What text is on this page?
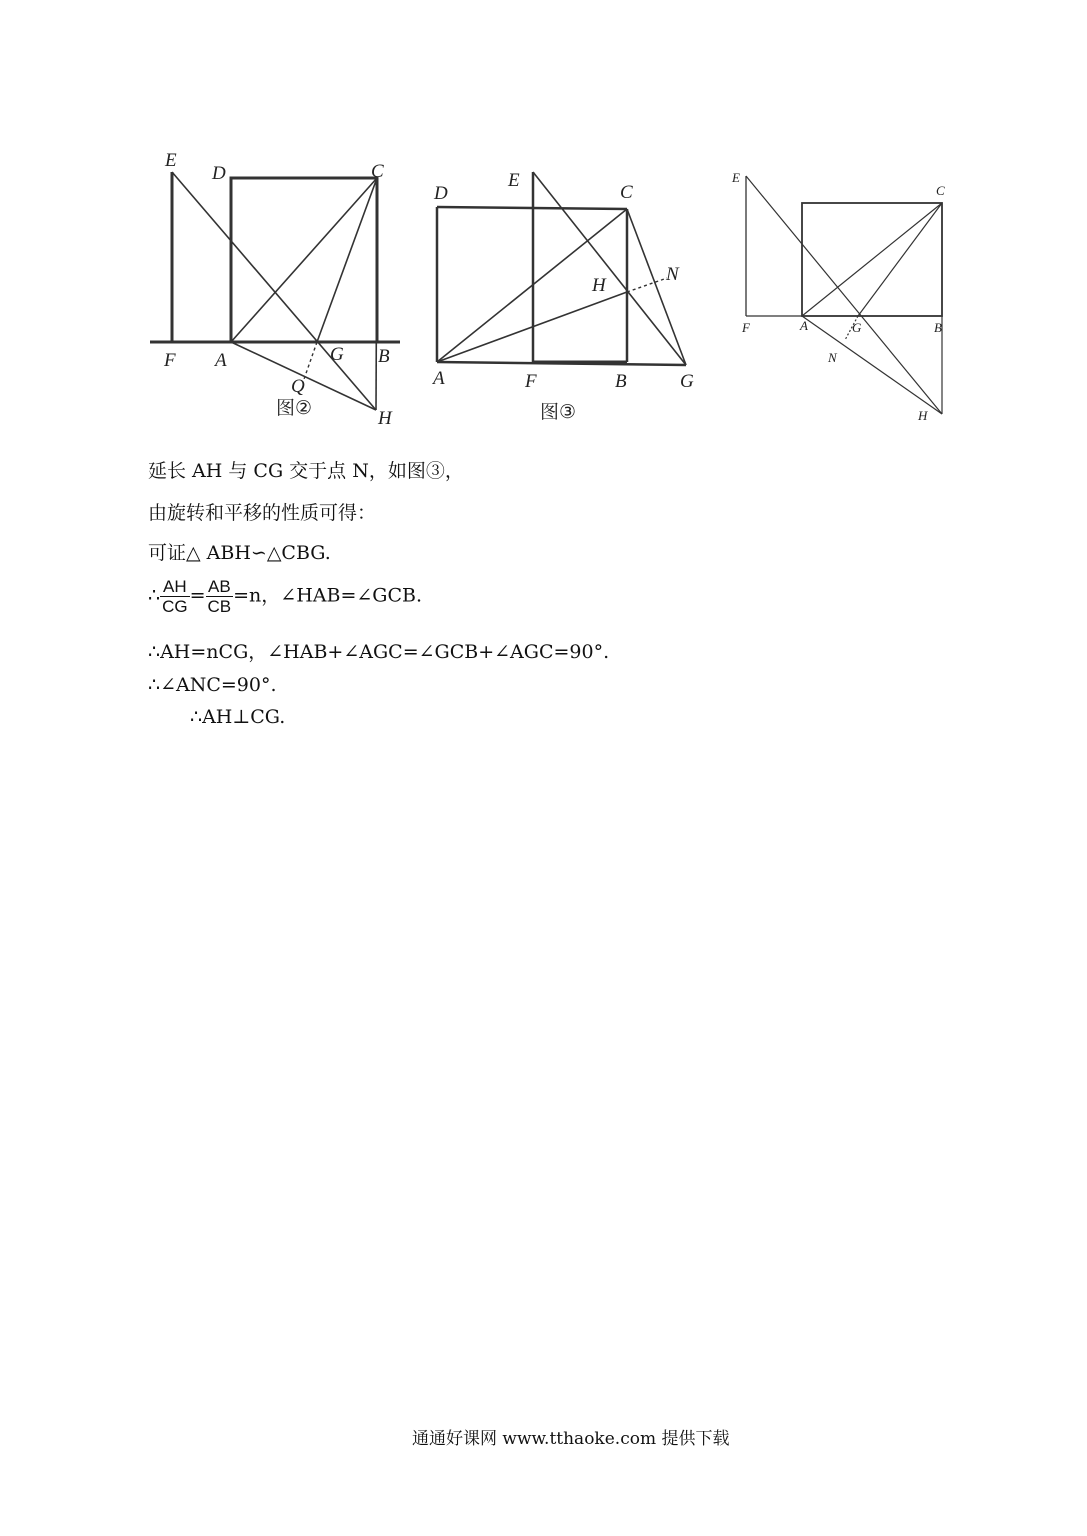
E
D	C
F A	G B
Q
H
图②
D
E
C
H
N
A	F	B	G
图③
E
C
F	A	G	B
N
H
延长 AH 与 CG 交于点 N，如图③，
由旋转和平移的性质可得：
可证△ ABH∽△CBG.
∴ $\frac{AH}{CG} = \frac{AB}{CB} =n$，∠HAB=∠GCB.
∴AH=nCG，∠HAB+∠AGC=∠GCB+∠AGC=90°.
∴∠ANC=90°.
∴AH⊥CG.
通通好课网 www.tthaoke.com 提供下载
